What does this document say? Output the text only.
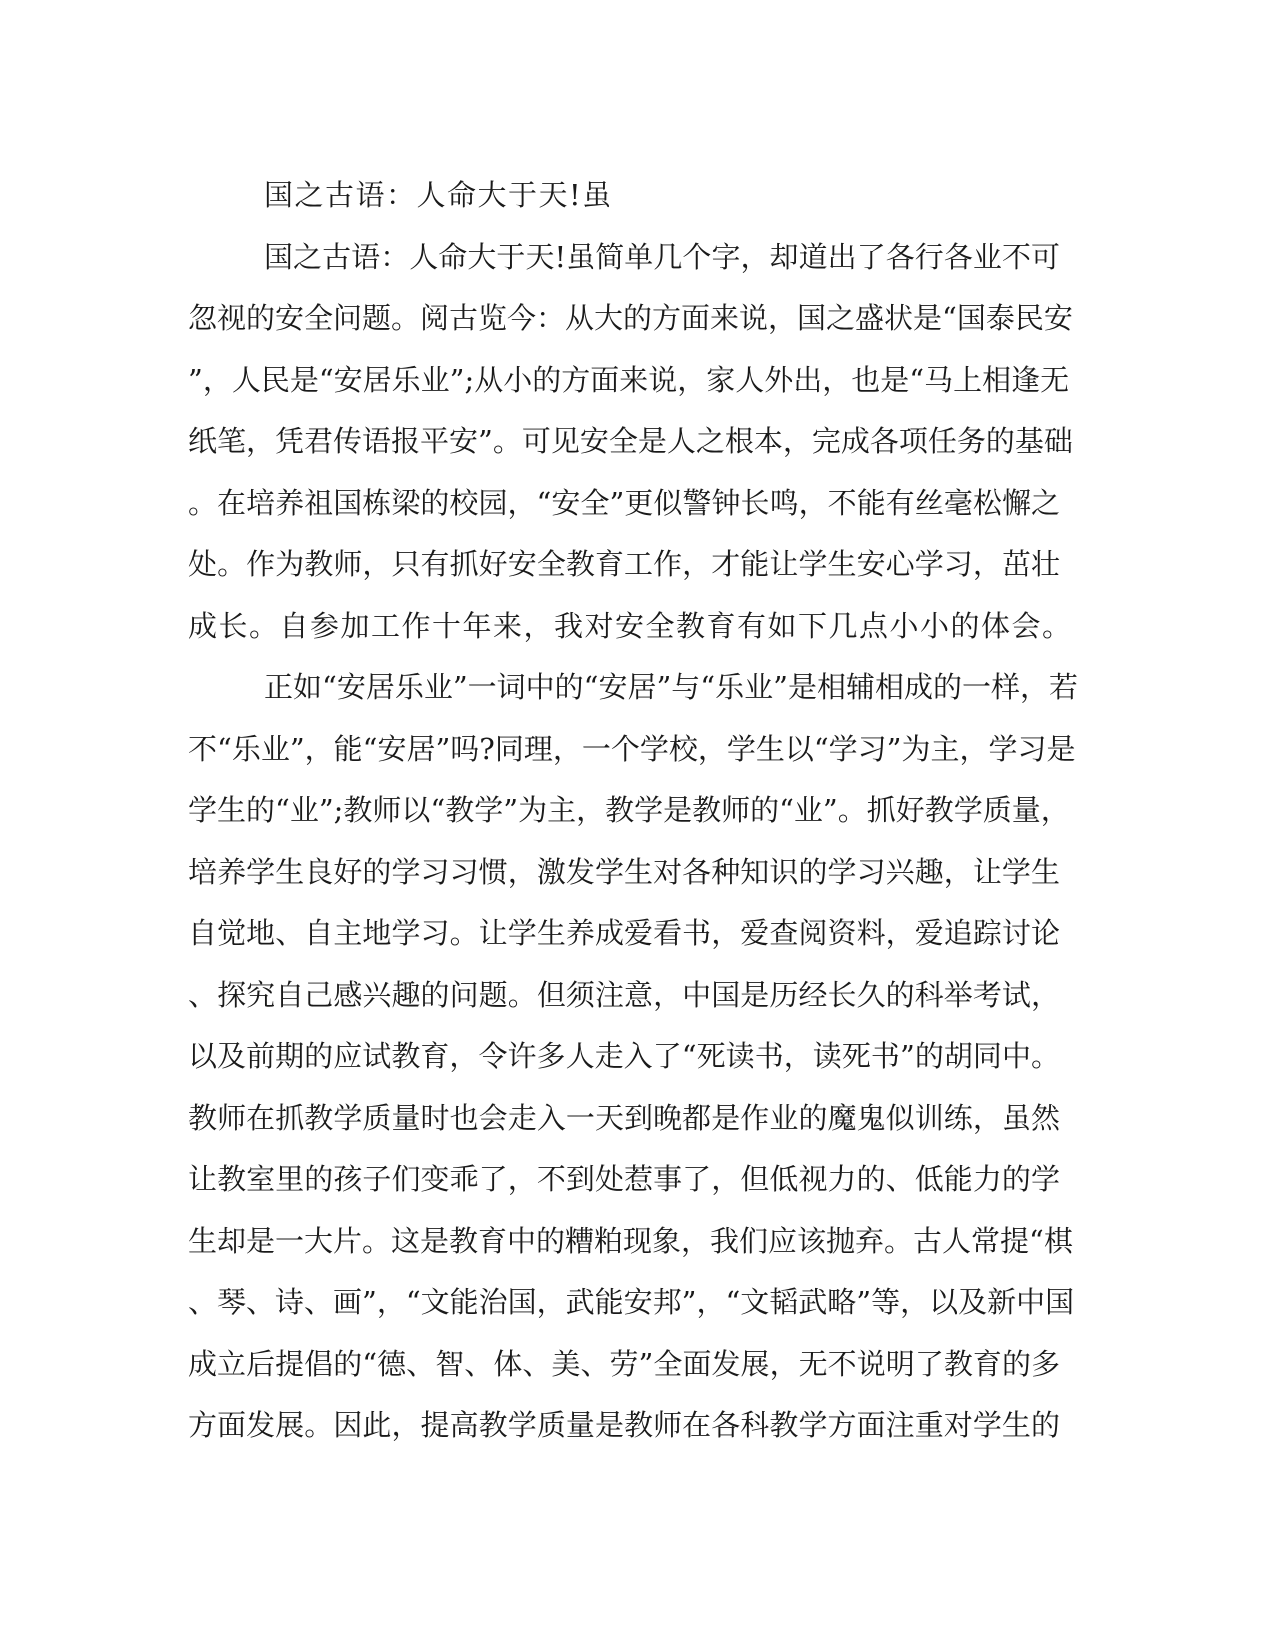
国之古语：人命大于天!虽
国之古语：人命大于天!虽简单几个字，却道出了各行各业不可
忽视的安全问题。阅古览今：从大的方面来说，国之盛状是“国泰民安
”，人民是“安居乐业”;从小的方面来说，家人外出，也是“马上相逢无
纸笔，凭君传语报平安”。可见安全是人之根本，完成各项任务的基础
。在培养祖国栋梁的校园，“安全”更似警钟长鸣，不能有丝毫松懈之
处。作为教师，只有抓好安全教育工作，才能让学生安心学习，茁壮
成长。自参加工作十年来，我对安全教育有如下几点小小的体会。
正如“安居乐业”一词中的“安居”与“乐业”是相辅相成的一样，若
不“乐业”，能“安居”吗?同理，一个学校，学生以“学习”为主，学习是
学生的“业”;教师以“教学”为主，教学是教师的“业”。抓好教学质量，
培养学生良好的学习习惯，激发学生对各种知识的学习兴趣，让学生
自觉地、自主地学习。让学生养成爱看书，爱查阅资料，爱追踪讨论
、探究自己感兴趣的问题。但须注意，中国是历经长久的科举考试，
以及前期的应试教育，令许多人走入了“死读书，读死书”的胡同中。
教师在抓教学质量时也会走入一天到晚都是作业的魔鬼似训练，虽然
让教室里的孩子们变乖了，不到处惹事了，但低视力的、低能力的学
生却是一大片。这是教育中的糟粕现象，我们应该抛弃。古人常提“棋
、琴、诗、画”，“文能治国，武能安邦”，“文韬武略”等，以及新中国
成立后提倡的“德、智、体、美、劳”全面发展，无不说明了教育的多
方面发展。因此，提高教学质量是教师在各科教学方面注重对学生的
